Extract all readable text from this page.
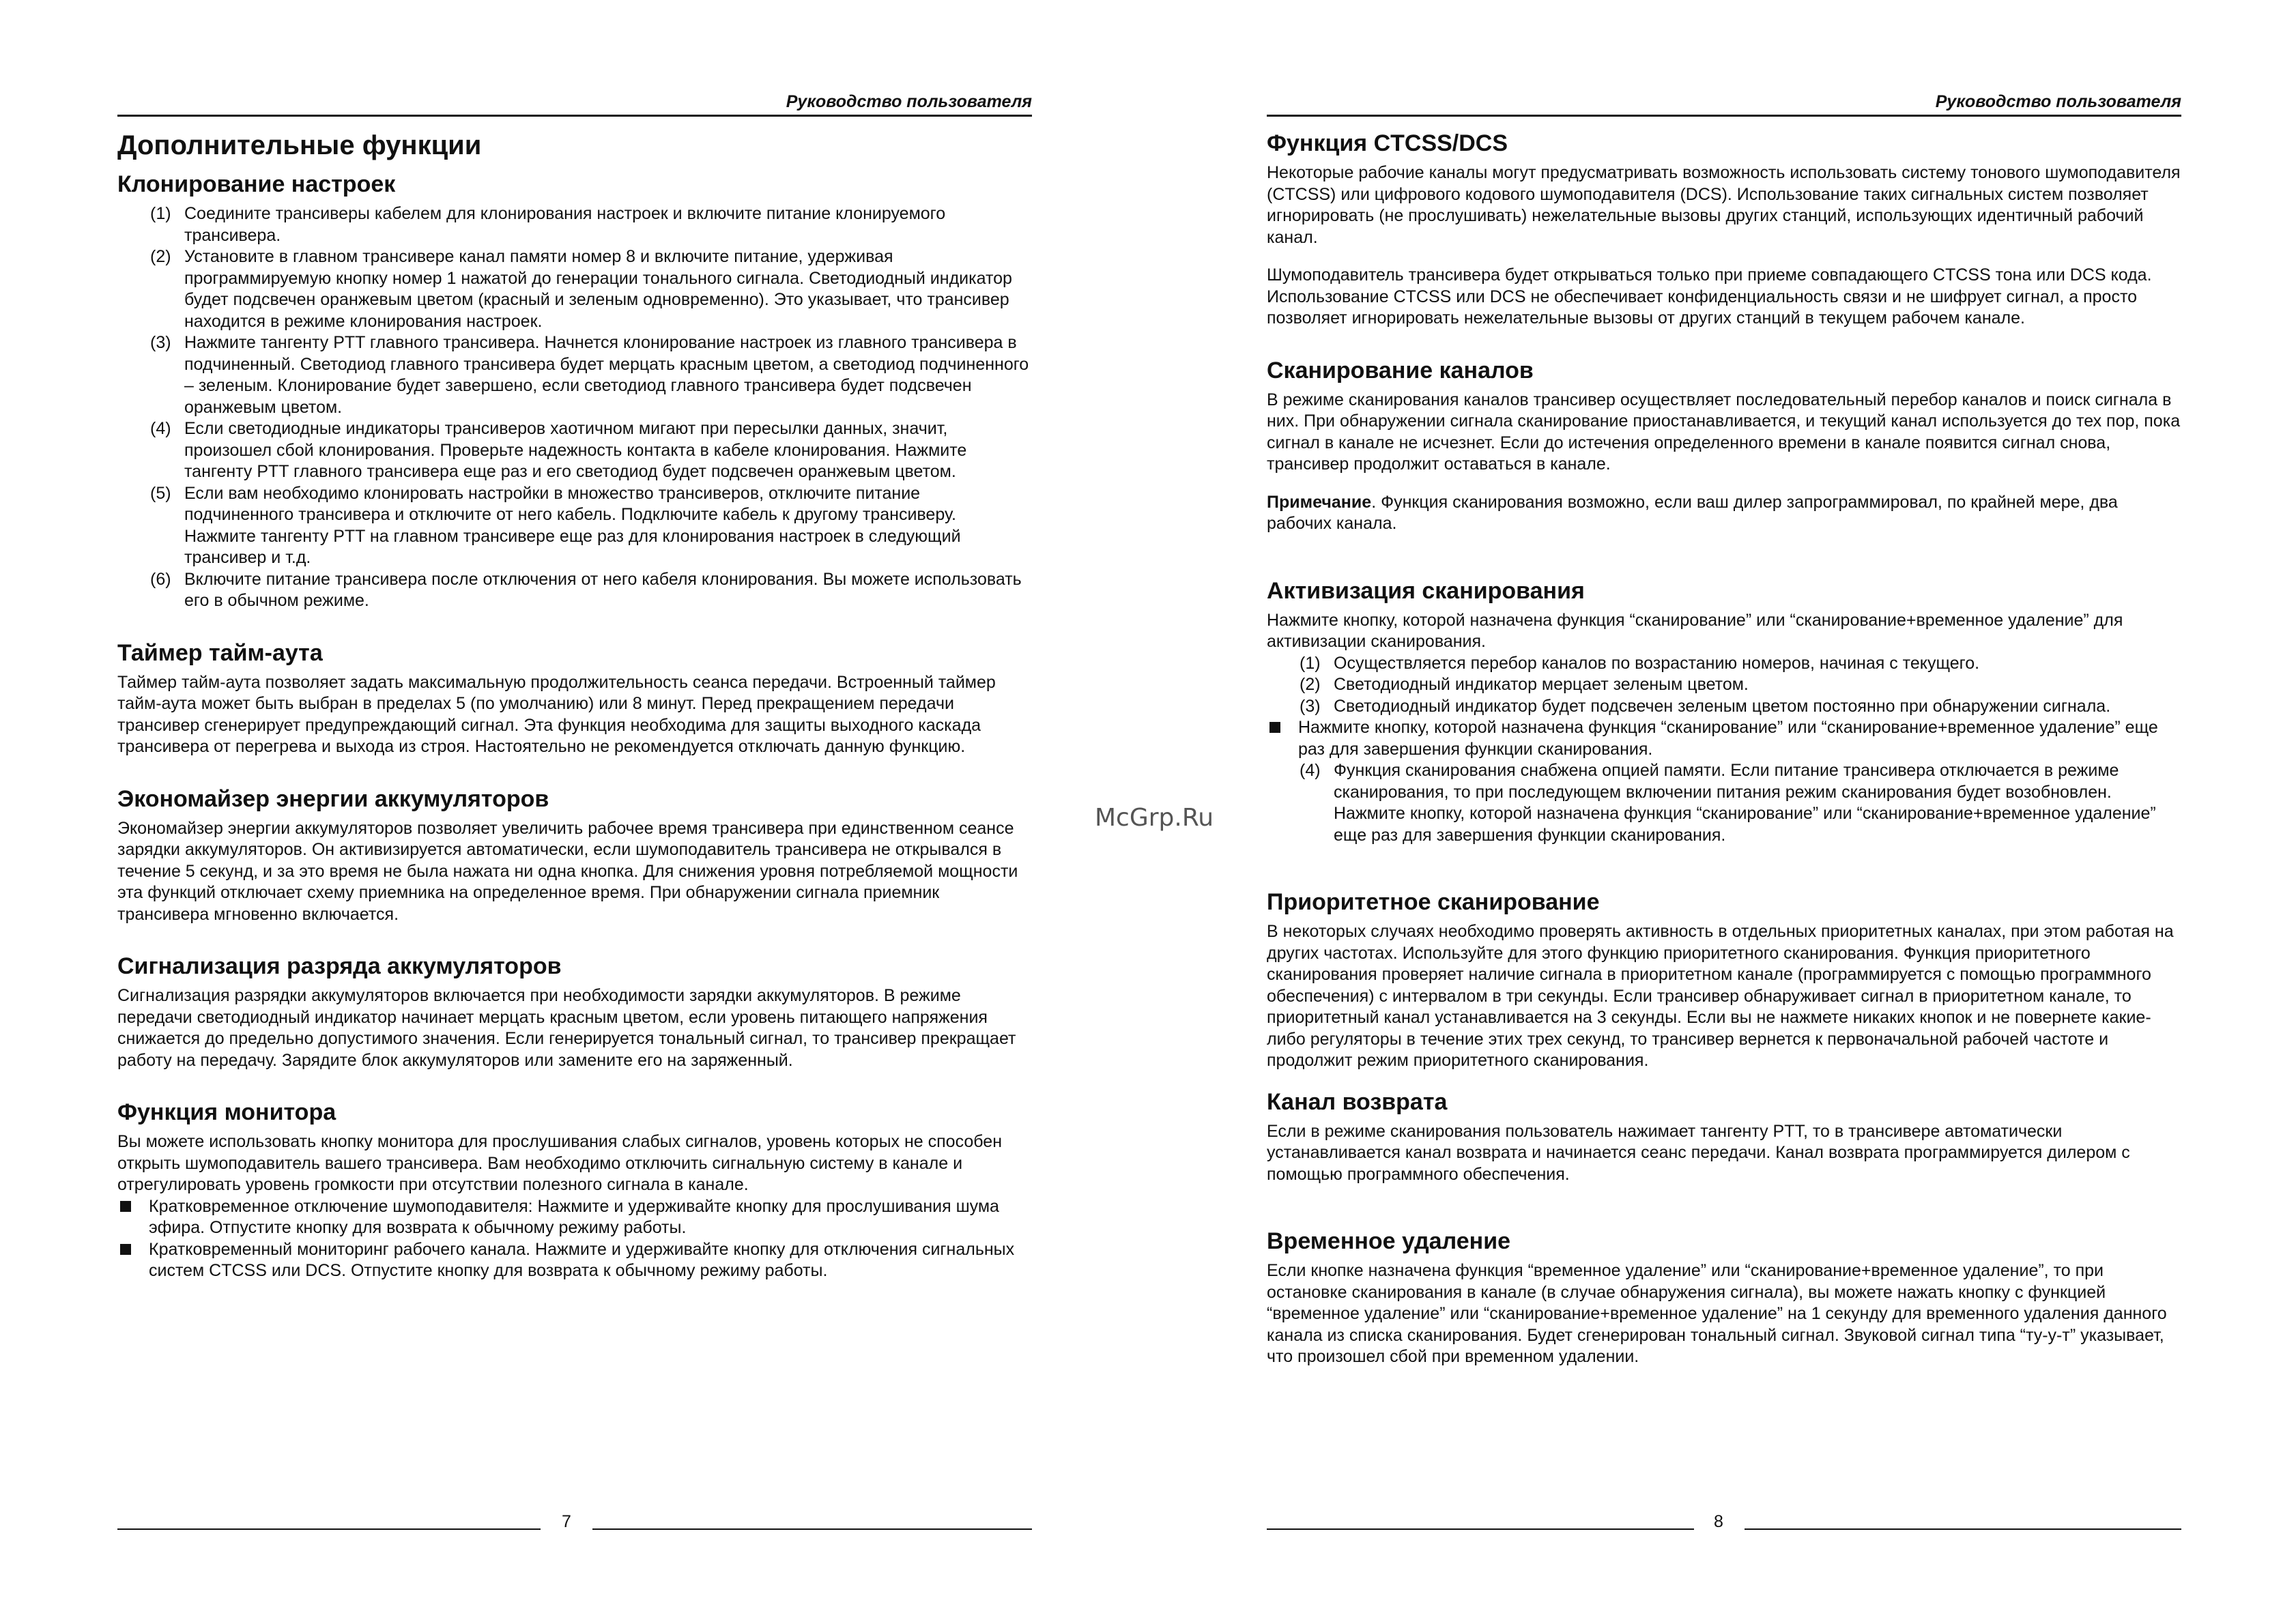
Руководство пользователя
Дополнительные функции
Клонирование настроек
(1) Соедините трансиверы кабелем для клонирования настроек и включите питание клонируемого трансивера.
(2) Установите в главном трансивере канал памяти номер 8 и включите питание, удерживая программируемую кнопку номер 1 нажатой до генерации тонального сигнала. Светодиодный индикатор будет подсвечен оранжевым цветом (красный и зеленым одновременно). Это указывает, что трансивер находится в режиме клонирования настроек.
(3) Нажмите тангенту PTT главного трансивера. Начнется клонирование настроек из главного трансивера в подчиненный. Светодиод главного трансивера будет мерцать красным цветом, а светодиод подчиненного – зеленым. Клонирование будет завершено, если светодиод главного трансивера будет подсвечен оранжевым цветом.
(4) Если светодиодные индикаторы трансиверов хаотичном мигают при пересылки данных, значит, произошел сбой клонирования. Проверьте надежность контакта в кабеле клонирования. Нажмите тангенту PTT главного трансивера еще раз и его светодиод будет подсвечен оранжевым цветом.
(5) Если вам необходимо клонировать настройки в множество трансиверов, отключите питание подчиненного трансивера и отключите от него кабель. Подключите кабель к другому трансиверу. Нажмите тангенту PTT на главном трансивере еще раз для клонирования настроек в следующий трансивер и т.д.
(6) Включите питание трансивера после отключения от него кабеля клонирования. Вы можете использовать его в обычном режиме.
Таймер тайм-аута

Таймер тайм-аута позволяет задать максимальную продолжительность сеанса передачи. Встроенный таймер тайм-аута может быть выбран в пределах 5 (по умолчанию) или 8 минут. Перед прекращением передачи трансивер сгенерирует предупреждающий сигнал. Эта функция необходима для защиты выходного каскада трансивера от перегрева и выхода из строя. Настоятельно не рекомендуется отключать данную функцию.

Экономайзер энергии аккумуляторов

Экономайзер энергии аккумуляторов позволяет увеличить рабочее время трансивера при единственном сеансе зарядки аккумуляторов. Он активизируется автоматически, если шумоподавитель трансивера не открывался в течение 5 секунд, и за это время не была нажата ни одна кнопка. Для снижения уровня потребляемой мощности эта функций отключает схему приемника на определенное время. При обнаружении сигнала приемник трансивера мгновенно включается.

Сигнализация разряда аккумуляторов

Сигнализация разрядки аккумуляторов включается при необходимости зарядки аккумуляторов. В режиме передачи светодиодный индикатор начинает мерцать красным цветом, если уровень питающего напряжения снижается до предельно допустимого значения. Если генерируется тональный сигнал, то трансивер прекращает работу на передачу. Зарядите блок аккумуляторов или замените его на заряженный.

Функция монитора

Вы можете использовать кнопку монитора для прослушивания слабых сигналов, уровень которых не способен открыть шумоподавитель вашего трансивера. Вам необходимо отключить сигнальную систему в канале и отрегулировать уровень громкости при отсутствии полезного сигнала в канале.

Кратковременное отключение шумоподавителя: Нажмите и удерживайте кнопку для прослушивания шума эфира. Отпустите кнопку для возврата к обычному режиму работы.
Кратковременный мониторинг рабочего канала. Нажмите и удерживайте кнопку для отключения сигнальных систем CTCSS или DCS. Отпустите кнопку для возврата к обычному режиму работы.
7
McGrp.Ru
Руководство пользователя
Функция CTCSS/DCS

Некоторые рабочие каналы могут предусматривать возможность использовать систему тонового шумоподавителя (CTCSS) или цифрового кодового шумоподавителя (DCS). Использование таких сигнальных систем позволяет игнорировать (не прослушивать) нежелательные вызовы других станций, использующих идентичный рабочий канал.

Шумоподавитель трансивера будет открываться только при приеме совпадающего CTCSS тона или DCS кода. Использование CTCSS или DCS не обеспечивает конфиденциальность связи и не шифрует сигнал, а просто позволяет игнорировать нежелательные вызовы от других станций в текущем рабочем канале.

Сканирование каналов

В режиме сканирования каналов трансивер осуществляет последовательный перебор каналов и поиск сигнала в них. При обнаружении сигнала сканирование приостанавливается, и текущий канал используется до тех пор, пока сигнал в канале не исчезнет. Если до истечения определенного времени в канале появится сигнал снова, трансивер продолжит оставаться в канале.

Примечание. Функция сканирования возможно, если ваш дилер запрограммировал, по крайней мере, два рабочих канала.

Активизация сканирования

Нажмите кнопку, которой назначена функция “сканирование” или “сканирование+временное удаление” для активизации сканирования.

(1) Осуществляется перебор каналов по возрастанию номеров, начиная с текущего.
(2) Светодиодный индикатор мерцает зеленым цветом.
(3) Светодиодный индикатор будет подсвечен зеленым цветом постоянно при обнаружении сигнала.
Нажмите кнопку, которой назначена функция “сканирование” или “сканирование+временное удаление” еще раз для завершения функции сканирования.
(4) Функция сканирования снабжена опцией памяти. Если питание трансивера отключается в режиме сканирования, то при последующем включении питания режим сканирования будет возобновлен. Нажмите кнопку, которой назначена функция “сканирование” или “сканирование+временное удаление” еще раз для завершения функции сканирования.
Приоритетное сканирование

В некоторых случаях необходимо проверять активность в отдельных приоритетных каналах, при этом работая на других частотах. Используйте для этого функцию приоритетного сканирования. Функция приоритетного сканирования проверяет наличие сигнала в приоритетном канале (программируется с помощью программного обеспечения) с интервалом в три секунды. Если трансивер обнаруживает сигнал в приоритетном канале, то приоритетный канал устанавливается на 3 секунды. Если вы не нажмете никаких кнопок и не повернете какие-либо регуляторы в течение этих трех секунд, то трансивер вернется к первоначальной рабочей частоте и продолжит режим приоритетного сканирования.

Канал возврата

Если в режиме сканирования пользователь нажимает тангенту PTT, то в трансивере автоматически устанавливается канал возврата и начинается сеанс передачи. Канал возврата программируется дилером с помощью программного обеспечения.

Временное удаление

Если кнопке назначена функция “временное удаление” или “сканирование+временное удаление”, то при остановке сканирования в канале (в случае обнаружения сигнала), вы можете нажать кнопку с функцией “временное удаление” или “сканирование+временное удаление” на 1 секунду для временного удаления данного канала из списка сканирования. Будет сгенерирован тональный сигнал. Звуковой сигнал типа “ту-у-т” указывает, что произошел сбой при временном удалении.

8
